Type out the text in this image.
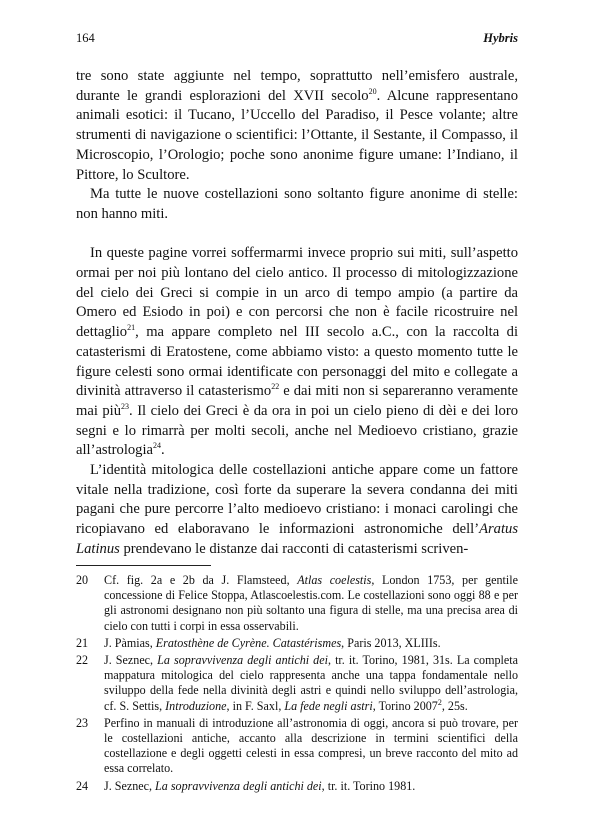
164	Hybris

tre sono state aggiunte nel tempo, soprattutto nell’emisfero australe, durante le grandi esplorazioni del XVII secolo$^{20}$. Alcune rappresentano animali esotici: il Tucano, l’Uccello del Paradiso, il Pesce volante; altre strumenti di navigazione o scientifici: l’Ottante, il Sestante, il Compasso, il Microscopio, l’Orologio; poche sono anonime figure umane: l’Indiano, il Pittore, lo Scultore.

Ma tutte le nuove costellazioni sono soltanto figure anonime di stelle: non hanno miti.

In queste pagine vorrei soffermarmi invece proprio sui miti, sull’aspetto ormai per noi più lontano del cielo antico. Il processo di mitologizzazione del cielo dei Greci si compie in un arco di tempo ampio (a partire da Omero ed Esiodo in poi) e con percorsi che non è facile ricostruire nel dettaglio$^{21}$, ma appare completo nel III secolo a.C., con la raccolta di catasterismi di Eratostene, come abbiamo visto: a questo momento tutte le figure celesti sono ormai identificate con personaggi del mito e collegate a divinità attraverso il catasterismo$^{22}$ e dai miti non si separeranno veramente mai più$^{23}$. Il cielo dei Greci è da ora in poi un cielo pieno di dèi e dei loro segni e lo rimarrà per molti secoli, anche nel Medioevo cristiano, grazie all’astrologia$^{24}$.

L’identità mitologica delle costellazioni antiche appare come un fattore vitale nella tradizione, così forte da superare la severa condanna dei miti pagani che pure percorre l’alto medioevo cristiano: i monaci carolingi che ricopiavano ed elaboravano le informazioni astronomiche dell’Aratus Latinus prendevano le distanze dai racconti di catasterismi scriven-

20 Cf. fig. 2a e 2b da J. Flamsteed, Atlas coelestis, London 1753, per gentile concessione di Felice Stoppa, Atlascoelestis.com. Le costellazioni sono oggi 88 e per gli astronomi designano non più soltanto una figura di stelle, ma una precisa area di cielo con tutti i corpi in essa osservabili.
21 J. Pàmias, Eratosthène de Cyrène. Catastérismes, Paris 2013, XLIIIs.
22 J. Seznec, La sopravvivenza degli antichi dei, tr. it. Torino, 1981, 31s. La completa mappatura mitologica del cielo rappresenta anche una tappa fondamentale nello sviluppo della fede nella divinità degli astri e quindi nello sviluppo dell’astrologia, cf. S. Settis, Introduzione, in F. Saxl, La fede negli astri, Torino 2007$^2$, 25s.
23 Perfino in manuali di introduzione all’astronomia di oggi, ancora si può trovare, per le costellazioni antiche, accanto alla descrizione in termini scientifici della costellazione e degli oggetti celesti in essa compresi, un breve racconto del mito ad essa correlato.
24 J. Seznec, La sopravvivenza degli antichi dei, tr. it. Torino 1981.
